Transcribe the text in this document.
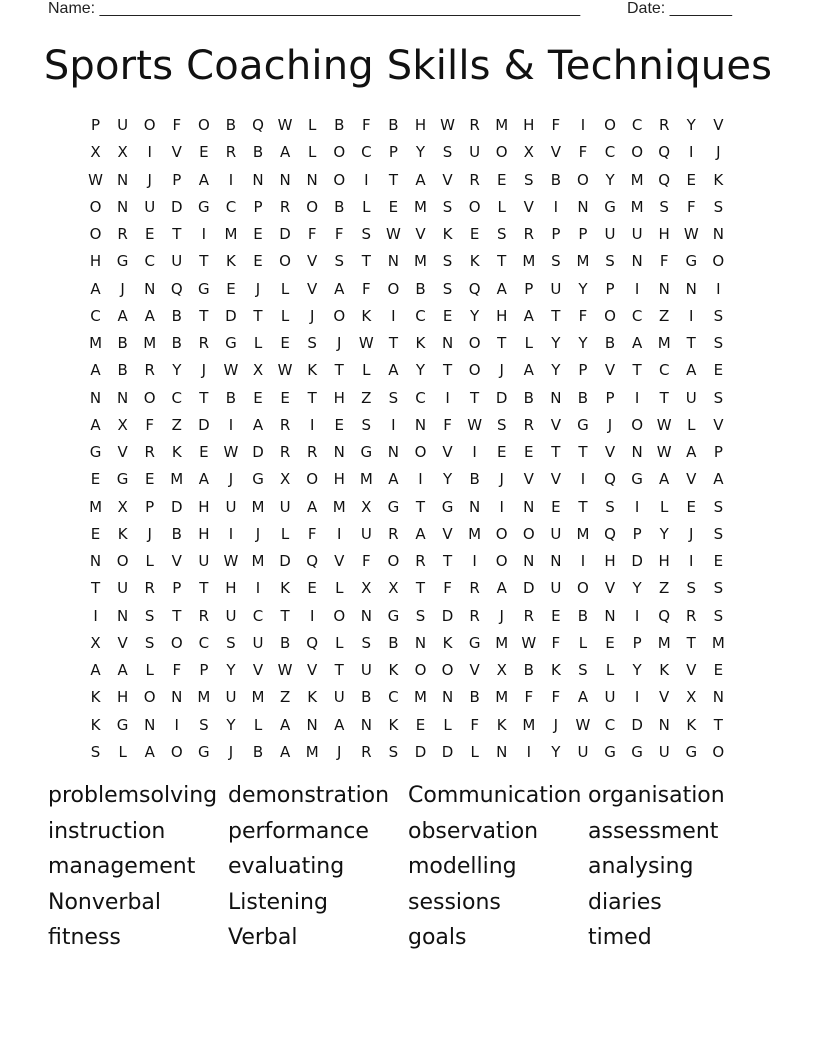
Name: ______________________________________________________	Date: _______
Sports Coaching Skills & Techniques
P	U	O	F	O	B	Q W	L	B	F	B	H W R	M H	F	I	O	C	R	Y	V
X	X	I	V	E	R	B	A	L	O	C	P	Y	S	U	O	X	V	F	C	O	Q	I	J
W N	J	P	A	I	N	N	N	O	I	T	A	V	R	E	S	B	O	Y	M Q	E	K
O	N	U	D	G	C	P	R	O	B	L	E	M	S	O	L	V	I	N	G M	S	F	S
O	R	E	T	I	M	E	D	F	F	S W V	K	E	S	R	P	P	U	U	H W N
H	G	C	U	T	K	E	O	V	S	T	N M	S	K	T	M	S	M	S	N	F	G	O
A	J	N	Q	G	E	J	L	V	A	F	O	B	S	Q	A	P	U	Y	P	I	N	N	I
C	A	A	B	T	D	T	L	J	O	K	I	C	E	Y	H	A	T	F	O	C	Z	I	S
M	B	M	B	R	G	L	E	S	J	W	T	K	N	O	T	L	Y	Y	B	A	M	T	S
A	B	R	Y	J	W X W K	T	L	A	Y	T	O	J	A	Y	P	V	T	C	A	E
N	N	O	C	T	B	E	E	T	H	Z	S	C	I	T	D	B	N	B	P	I	T	U	S
A	X	F	Z	D	I	A	R	I	E	S	I	N	F	W S	R	V	G	J	O W	L	V
G	V	R	K	E W D	R	R	N	G	N	O	V	I	E	E	T	T	V	N W A	P
E	G	E	M	A	J	G	X	O	H M	A	I	Y	B	J	V	V	I	Q	G	A	V	A
M	X	P	D	H	U	M	U	A	M	X	G	T	G	N	I	N	E	T	S	I	L	E	S
E	K	J	B	H	I	J	L	F	I	U	R	A	V	M O	O	U	M Q	P	Y	J	S
N	O	L	V	U W M D	Q	V	F	O	R	T	I	O	N	N	I	H	D	H	I	E
T	U	R	P	T	H	I	K	E	L	X	X	T	F	R	A	D	U	O	V	Y	Z	S	S
I	N	S	T	R	U	C	T	I	O	N	G	S	D	R	J	R	E	B	N	I	Q	R	S
X	V	S	O	C	S	U	B	Q	L	S	B	N	K	G M W	F	L	E	P	M	T	M
A	A	L	F	P	Y	V W V	T	U	K	O	O	V	X	B	K	S	L	Y	K	V	E
K	H	O	N M	U	M	Z	K	U	B	C	M N	B	M	F	F	A	U	I	V	X	N
K	G	N	I	S	Y	L	A	N	A	N	K	E	L	F	K	M	J	W C	D	N	K	T
S	L	A	O	G	J	B	A	M	J	R	S	D	D	L	N	I	Y	U	G	G	U	G	O
problemsolving demonstration Communication organisation
instruction	performance	observation	assessment
management	evaluating	modelling	analysing
Nonverbal	Listening	sessions	diaries
fitness	Verbal	goals	timed
